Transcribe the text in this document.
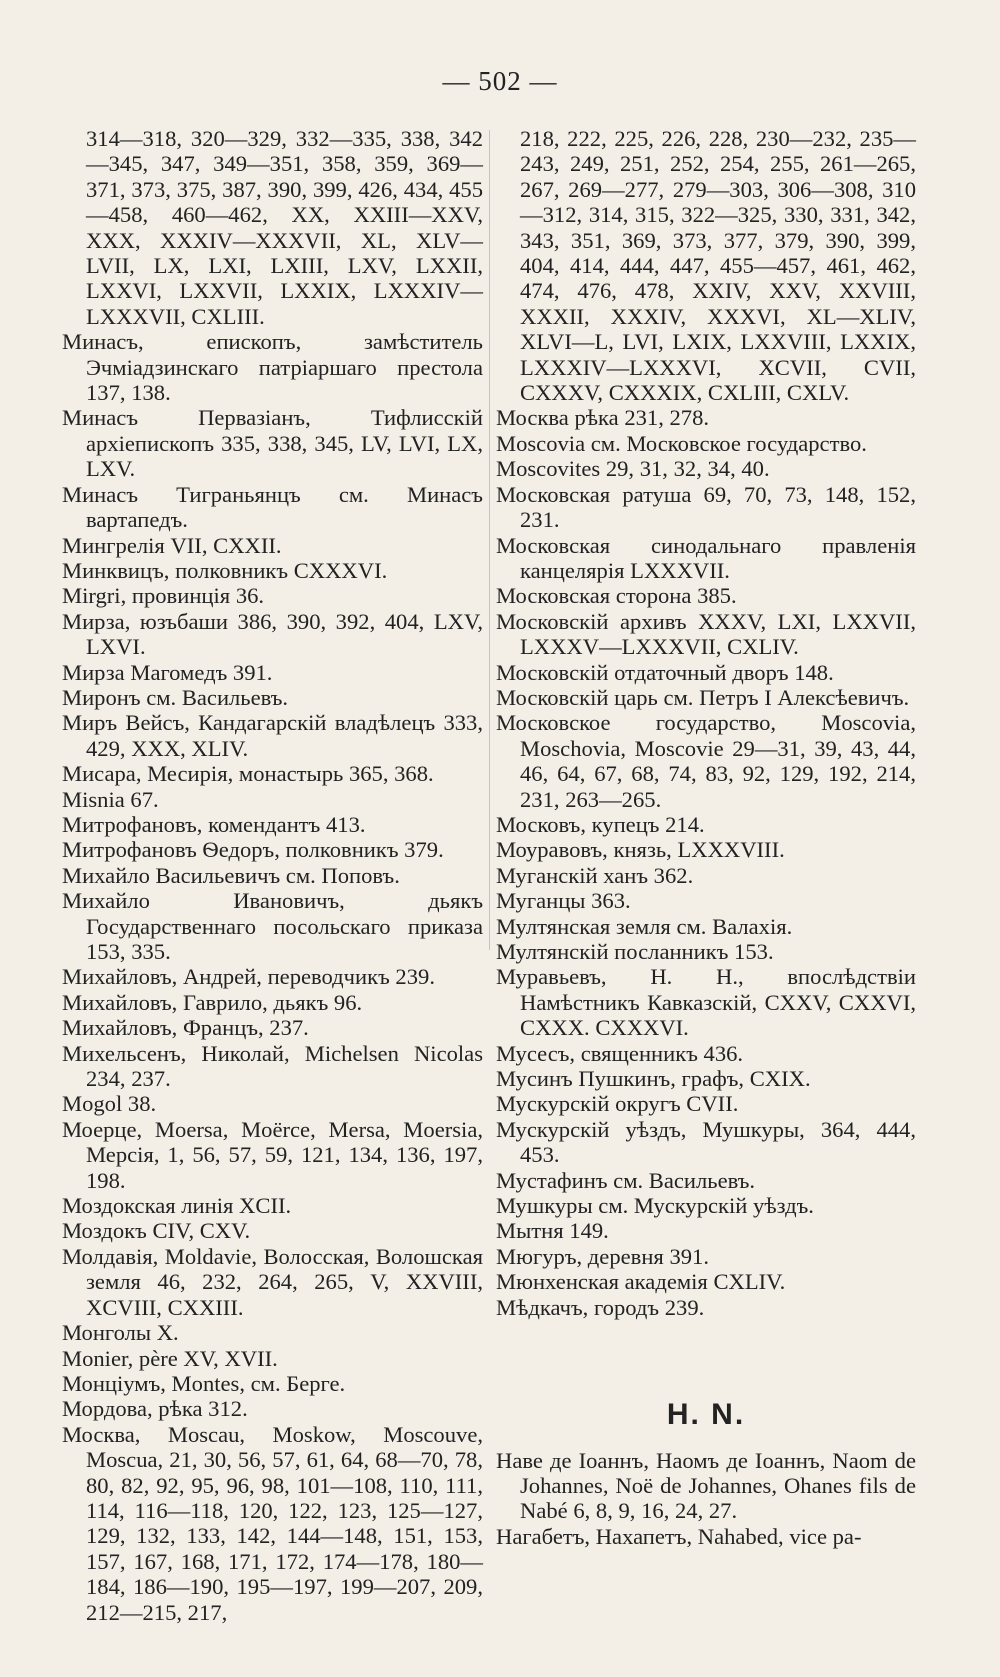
— 502 —

314—318, 320—329, 332—335, 338, 342—345, 347, 349—351, 358, 359, 369—371, 373, 375, 387, 390, 399, 426, 434, 455—458, 460—462, XX, XXIII—XXV, XXX, XXXIV—XXXVII, XL, XLV—LVII, LX, LXI, LXIII, LXV, LXXII, LXXVI, LXXVII, LXXIX, LXXXIV—LXXXVII, CXLIII.

Минасъ, епископъ, замѣститель Эчміадзинскаго патріаршаго престола 137, 138.

Минасъ Первазіанъ, Тифлисскій архіепископъ 335, 338, 345, LV, LVI, LX, LXV.

Минасъ Тиграньянцъ см. Минасъ вартапедъ.

Мингрелія VII, CXXII.

Минквицъ, полковникъ CXXXVI.

Mirgri, провинція 36.

Мирза, юзъбаши 386, 390, 392, 404, LXV, LXVI.

Мирза Магомедъ 391.

Миронъ см. Васильевъ.

Миръ Вейсъ, Кандагарскій владѣлецъ 333, 429, XXX, XLIV.

Мисара, Месирія, монастырь 365, 368.

Misnia 67.

Митрофановъ, комендантъ 413.

Митрофановъ Ѳедоръ, полковникъ 379.

Михайло Васильевичъ см. Поповъ.

Михайло Ивановичъ, дьякъ Государственнаго посольскаго приказа 153, 335.

Михайловъ, Андрей, переводчикъ 239.

Михайловъ, Гаврило, дьякъ 96.

Михайловъ, Францъ, 237.

Михельсенъ, Николай, Michelsen Nicolas 234, 237.

Mogol 38.

Моерце, Moersa, Moёrce, Mersa, Moersia, Мерсія, 1, 56, 57, 59, 121, 134, 136, 197, 198.

Моздокская линія XCII.

Моздокъ CIV, CXV.

Молдавія, Moldavie, Волосская, Волошская земля 46, 232, 264, 265, V, XXVIII, XCVIII, CXXIII.

Монголы X.

Monier, père XV, XVII.

Монціумъ, Montes, см. Берге.

Мордова, рѣка 312.

Москва, Moscau, Moskow, Moscouve, Moscua, 21, 30, 56, 57, 61, 64, 68—70, 78, 80, 82, 92, 95, 96, 98, 101—108, 110, 111, 114, 116—118, 120, 122, 123, 125—127, 129, 132, 133, 142, 144—148, 151, 153, 157, 167, 168, 171, 172, 174—178, 180—184, 186—190, 195—197, 199—207, 209, 212—215, 217,

218, 222, 225, 226, 228, 230—232, 235—243, 249, 251, 252, 254, 255, 261—265, 267, 269—277, 279—303, 306—308, 310—312, 314, 315, 322—325, 330, 331, 342, 343, 351, 369, 373, 377, 379, 390, 399, 404, 414, 444, 447, 455—457, 461, 462, 474, 476, 478, XXIV, XXV, XXVIII, XXXII, XXXIV, XXXVI, XL—XLIV, XLVI—L, LVI, LXIX, LXXVIII, LXXIX, LXXXIV—LXXXVI, XCVII, CVII, CXXXV, CXXXIX, CXLIII, CXLV.

Москва рѣка 231, 278.

Moscovia см. Московское государство.

Moscovites 29, 31, 32, 34, 40.

Московская ратуша 69, 70, 73, 148, 152, 231.

Московская синодальнаго правленія канцелярія LXXXVII.

Московская сторона 385.

Московскій архивъ XXXV, LXI, LXXVII, LXXXV—LXXXVII, CXLIV.

Московскій отдаточный дворъ 148.

Московскій царь см. Петръ I Алексѣевичъ.

Московское государство, Moscovia, Moschovia, Moscovie 29—31, 39, 43, 44, 46, 64, 67, 68, 74, 83, 92, 129, 192, 214, 231, 263—265.

Московъ, купецъ 214.

Моуравовъ, князь, LXXXVIII.

Муганскій ханъ 362.

Муганцы 363.

Мултянская земля см. Валахія.

Мултянскій посланникъ 153.

Муравьевъ, Н. Н., впослѣдствіи Намѣстникъ Кавказскій, CXXV, CXXVI, CXXX. CXXXVI.

Мусесъ, священникъ 436.

Мусинъ Пушкинъ, графъ, CXIX.

Мускурскій округъ CVII.

Мускурскій уѣздъ, Мушкуры, 364, 444, 453.

Мустафинъ см. Васильевъ.

Мушкуры см. Мускурскій уѣздъ.

Мытня 149.

Мюгуръ, деревня 391.

Мюнхенская академія CXLIV.

Мѣдкачъ, городъ 239.

H. N.

Наве де Іоаннъ, Наомъ де Іоаннъ, Naom de Johannes, Noë de Johannes, Ohanes fils de Nabé 6, 8, 9, 16, 24, 27.

Нагабетъ, Нахапетъ, Nahabed, vice pa-
